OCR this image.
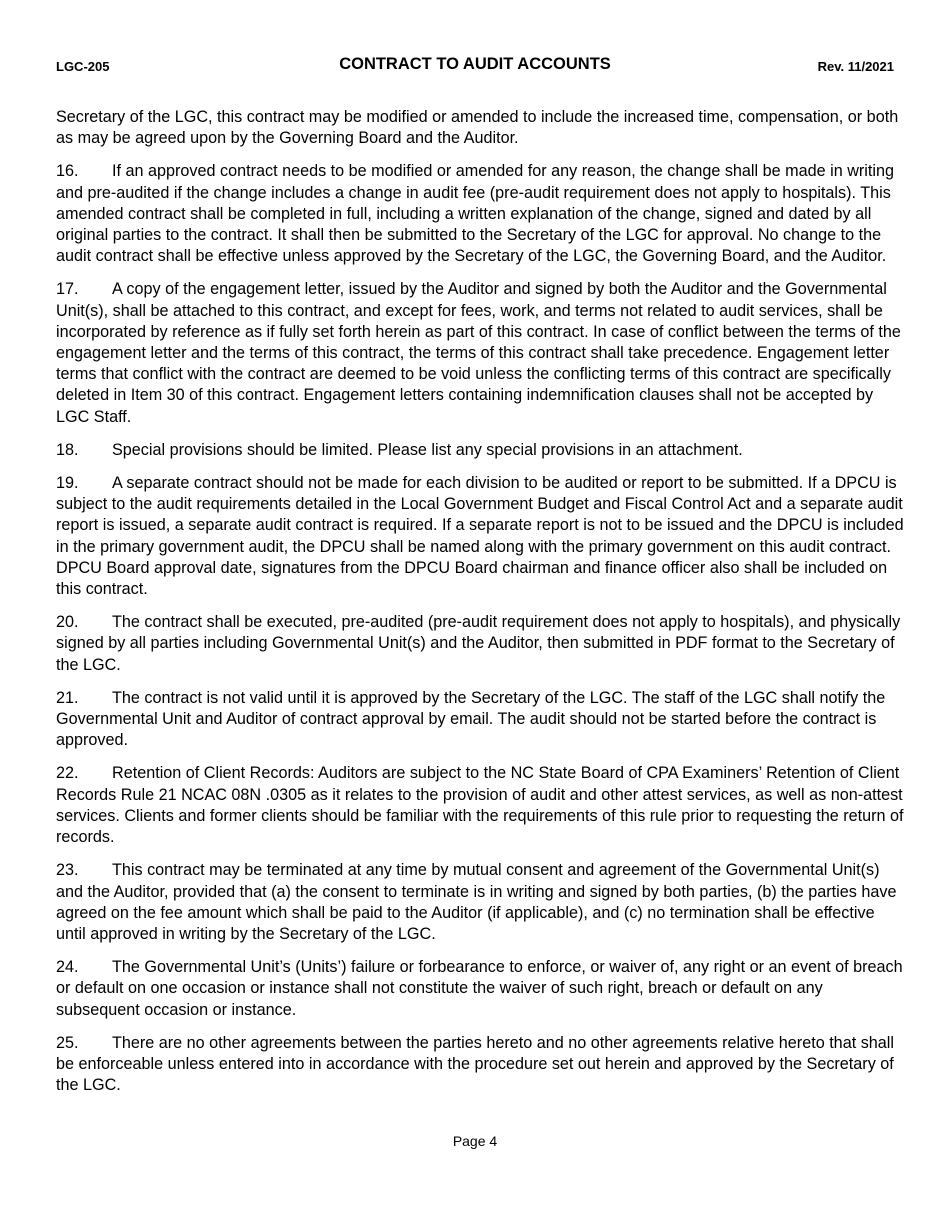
LGC-205	CONTRACT TO AUDIT ACCOUNTS	Rev. 11/2021

Secretary of the LGC, this contract may be modified or amended to include the increased time, compensation, or both as may be agreed upon by the Governing Board and the Auditor.

16. If an approved contract needs to be modified or amended for any reason, the change shall be made in writing and pre-audited if the change includes a change in audit fee (pre-audit requirement does not apply to hospitals). This amended contract shall be completed in full, including a written explanation of the change, signed and dated by all original parties to the contract. It shall then be submitted to the Secretary of the LGC for approval. No change to the audit contract shall be effective unless approved by the Secretary of the LGC, the Governing Board, and the Auditor.

17. A copy of the engagement letter, issued by the Auditor and signed by both the Auditor and the Governmental Unit(s), shall be attached to this contract, and except for fees, work, and terms not related to audit services, shall be incorporated by reference as if fully set forth herein as part of this contract. In case of conflict between the terms of the engagement letter and the terms of this contract, the terms of this contract shall take precedence. Engagement letter terms that conflict with the contract are deemed to be void unless the conflicting terms of this contract are specifically deleted in Item 30 of this contract. Engagement letters containing indemnification clauses shall not be accepted by LGC Staff.

18. Special provisions should be limited. Please list any special provisions in an attachment.

19. A separate contract should not be made for each division to be audited or report to be submitted. If a DPCU is subject to the audit requirements detailed in the Local Government Budget and Fiscal Control Act and a separate audit report is issued, a separate audit contract is required. If a separate report is not to be issued and the DPCU is included in the primary government audit, the DPCU shall be named along with the primary government on this audit contract. DPCU Board approval date, signatures from the DPCU Board chairman and finance officer also shall be included on this contract.

20. The contract shall be executed, pre-audited (pre-audit requirement does not apply to hospitals), and physically signed by all parties including Governmental Unit(s) and the Auditor, then submitted in PDF format to the Secretary of the LGC.

21. The contract is not valid until it is approved by the Secretary of the LGC. The staff of the LGC shall notify the Governmental Unit and Auditor of contract approval by email. The audit should not be started before the contract is approved.

22. Retention of Client Records: Auditors are subject to the NC State Board of CPA Examiners’ Retention of Client Records Rule 21 NCAC 08N .0305 as it relates to the provision of audit and other attest services, as well as non-attest services. Clients and former clients should be familiar with the requirements of this rule prior to requesting the return of records.

23. This contract may be terminated at any time by mutual consent and agreement of the Governmental Unit(s) and the Auditor, provided that (a) the consent to terminate is in writing and signed by both parties, (b) the parties have agreed on the fee amount which shall be paid to the Auditor (if applicable), and (c) no termination shall be effective until approved in writing by the Secretary of the LGC.

24. The Governmental Unit’s (Units’) failure or forbearance to enforce, or waiver of, any right or an event of breach or default on one occasion or instance shall not constitute the waiver of such right, breach or default on any subsequent occasion or instance.

25. There are no other agreements between the parties hereto and no other agreements relative hereto that shall be enforceable unless entered into in accordance with the procedure set out herein and approved by the Secretary of the LGC.

Page 4
